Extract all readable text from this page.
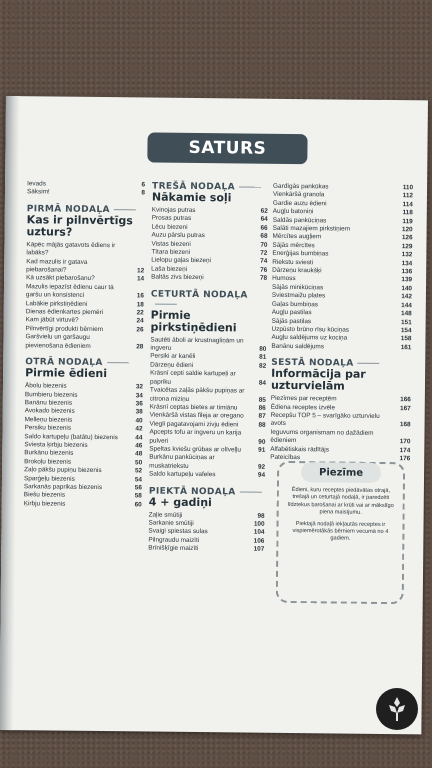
SATURS
Ievads	6
Sāksim!	8
PIRMĀ NODAĻA
Kas ir pilnvērtīgs uzturs?
Kāpēc mājās gatavots ēdiens ir labāks?
Kad mazulis ir gatava piebarošanai?	12
Kā uzsākt piebarošanu?	14
Mazulis iepazīst ēdienu caur tā garšu un konsistenci	16
Labākie pirkstiņēdieni	18
Dienas ēdienkartes piemēri	22
Kam jābūt virtuvē?	24
Pilnvērtīgi produkti bērniem	26
Garšvielu un garšaugu pievienošana ēdieniem	28
OTRĀ NODAĻA
Pirmie ēdieni
Ābolu biezenis	32
Bumbieru biezenis	34
Banānu biezenis	36
Avokado biezenis	38
Melleņu biezenis	40
Persiku biezenis	42
Saldo kartupeļu (batātu) biezenis	44
Sviesta ķirbju biezenis	46
Burkānu biezenis	48
Brokoļu biezenis	50
Zaļo pākšu pupiņu biezenis	52
Sparģeļu biezenis	54
Sarkanās paprikas biezenis	56
Biešu biezenis	58
Ķirbju biezenis	60
TREŠĀ NODAĻA
Nākamie soļi
Kvinojas putras	62
Prosas putras	64
Lēcu biezeni	66
Auzu pārslu putras	68
Vistas biezeni	70
Tītara biezeni	72
Lielopu gaļas biezeņi	74
Laša biezeņi	76
Baltās zivs biezeņi	78
CETURTĀ NODAĻA
Pirmie pirkstiņēdieni
Sautēti āboli ar krustnagliņām un ingveru	80
Persiki ar kanēli	81
Dārzeņu ēdieni	82
Krāsnī cepti saldie kartupeļi ar papriku	84
Tvaicētas zaļās pākšu pupiņas ar citrona miziņu	85
Krāsnī ceptas bietes ar timiānu	86
Vienkāršā vistas fileja ar oregano	87
Viegli pagatavojami zivju ēdieni	88
Apcepts tofu ar ingveru un karija pulveri	90
Speltas kviešu grūbas ar olīveļļu	91
Burkānu pankūciņas ar muskatriekstu	92
Saldo kartupeļu vafeles	94
PIEKTĀ NODAĻA
4 + gadiņi
Zaļie smūtiji	98
Sarkanie smūtiji	100
Svaigi spiestas sulas	104
Pilngraudu maizīti	106
Brīnišķīgie maizīti	107
Gardīgās pankūkas	110
Vienkāršā granola	112
Gardie auzu ēdieni	114
Augļu batoniņi	118
Saldās pankūciņas	119
Salāti mazajiem pirkstiņiem	120
Mērcītes augļiem	126
Sājās mērcītes	129
Enerģijas bumbiņas	132
Riekstu sviesti	134
Dārzeņu kraukšķi	136
Humoss	139
Sājās minikūciņas	140
Sviestmaižu plates	142
Gaļas bumbiņas	144
Augļu pastilas	148
Sājās pastilas	151
Uzpūsto brūno rīsu kūciņas	154
Augļu saldējums uz kociņa	158
Banānu saldējums	161
SESTĀ NODAĻA
Informācija par uzturvielām
Piezīmes par receptēm	166
Ēdiena receptes izvēle	167
Recepšu TOP 5 – svarīgāko uzturvielu avots	168
Ieguvums organismam no dažādiem ēdieniem	170
Alfabētiskais rādītājs	174
Pateicības	176
Piezīme

Ēdieni, kuru receptes piedāvātas otrajā, trešajā un ceturtajā nodaļā, ir paredzēti līdztekus barošanai ar krūti vai ar mākslīgo piena maisījumu.

Piektajā nodaļā iekļautās receptes ir vispiemērotākās bērniem vecumā no 4 gadiem.
